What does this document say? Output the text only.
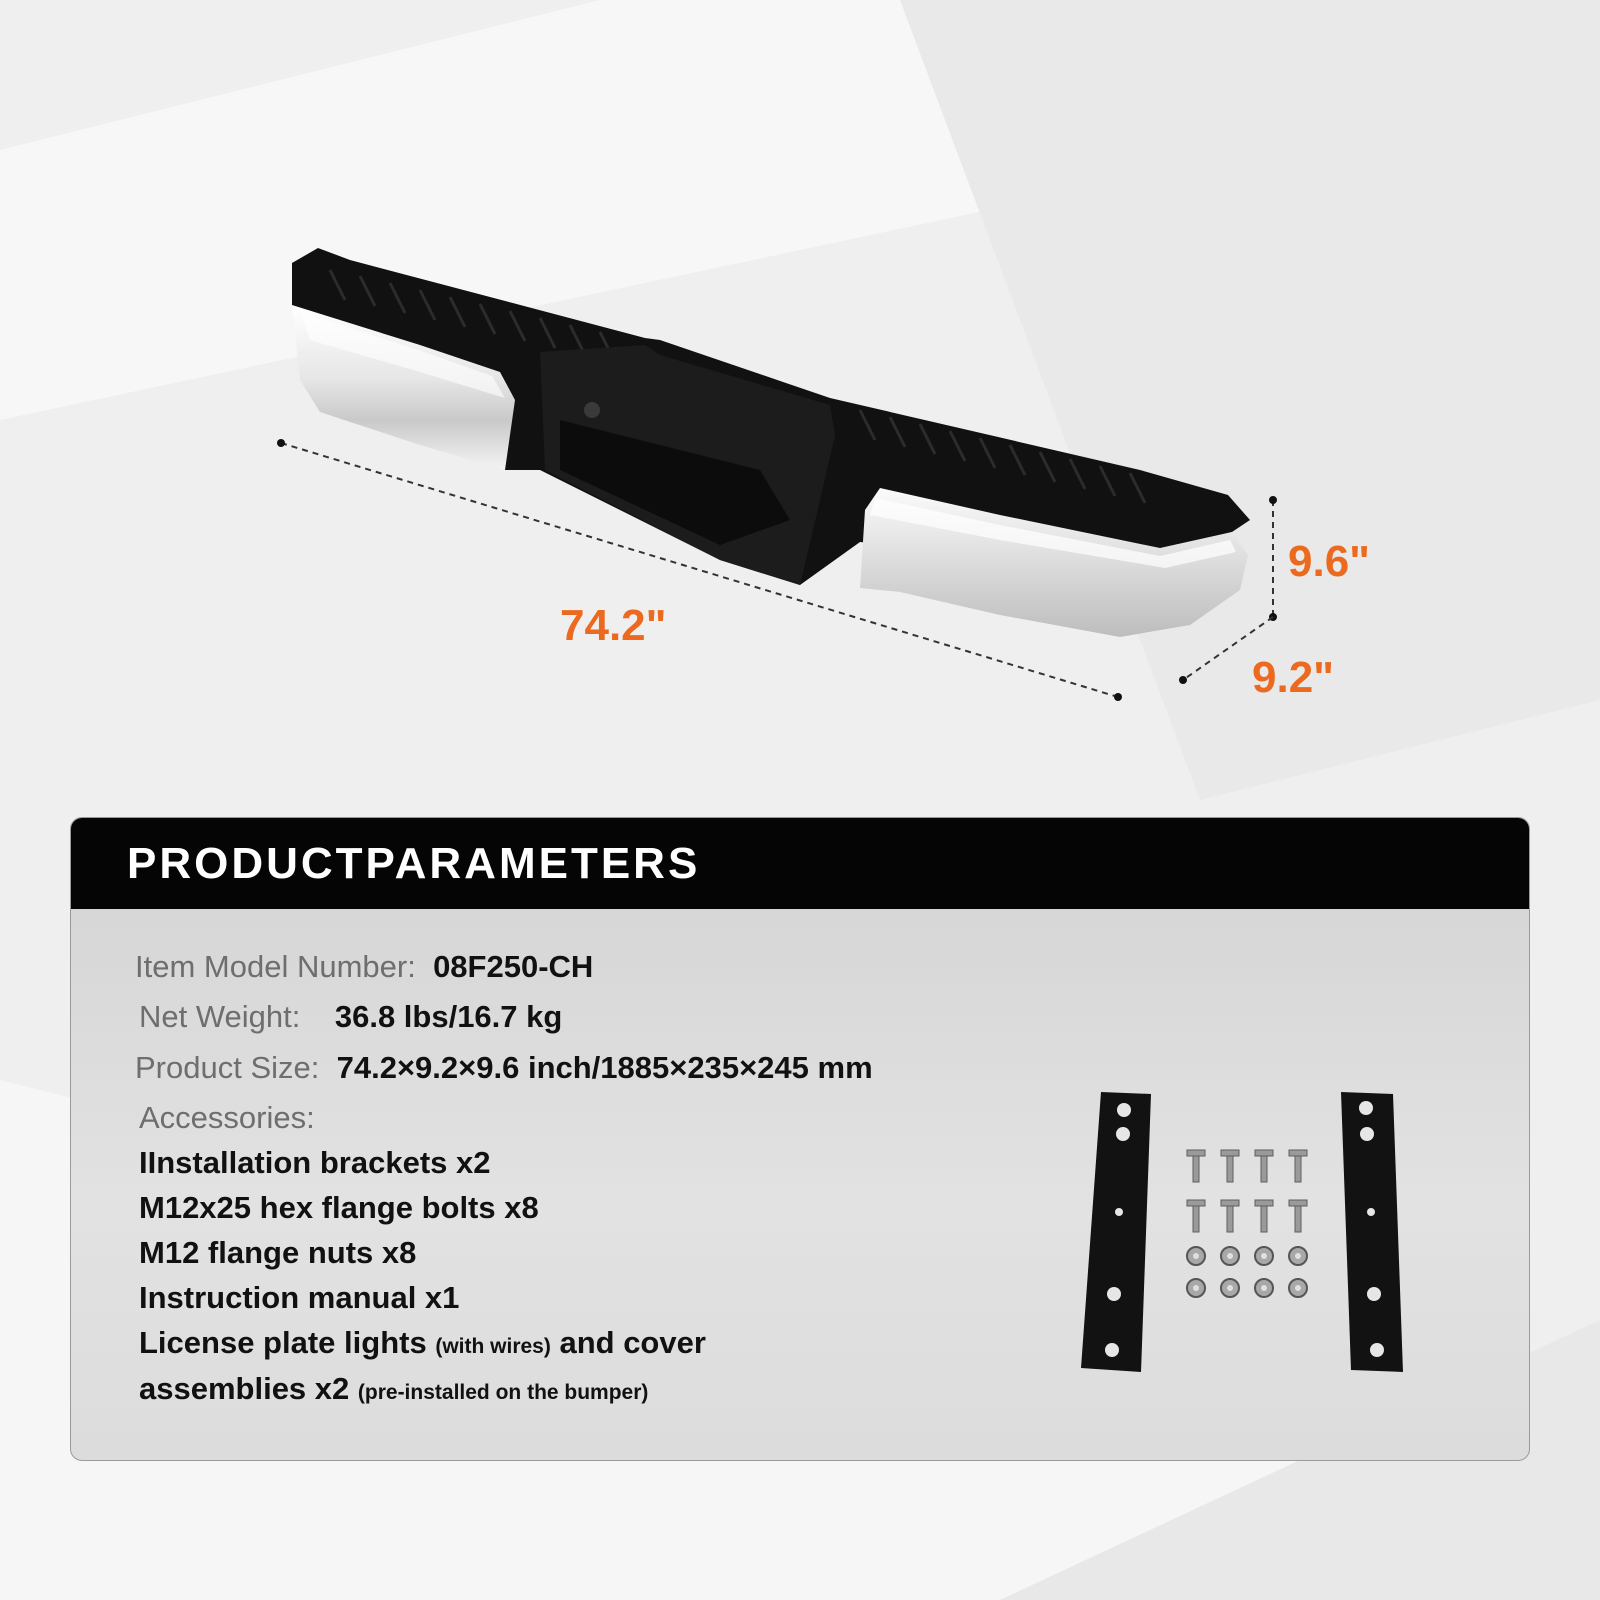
74.2"
9.6"
9.2"
PRODUCTPARAMETERS
Item Model Number: 08F250-CH
Net Weight: 36.8 lbs/16.7 kg
Product Size: 74.2×9.2×9.6 inch/1885×235×245 mm
Accessories:
IInstallation brackets x2
M12x25 hex flange bolts x8
M12 flange nuts x8
Instruction manual x1
License plate lights (with wires) and cover
assemblies x2 (pre-installed on the bumper)
